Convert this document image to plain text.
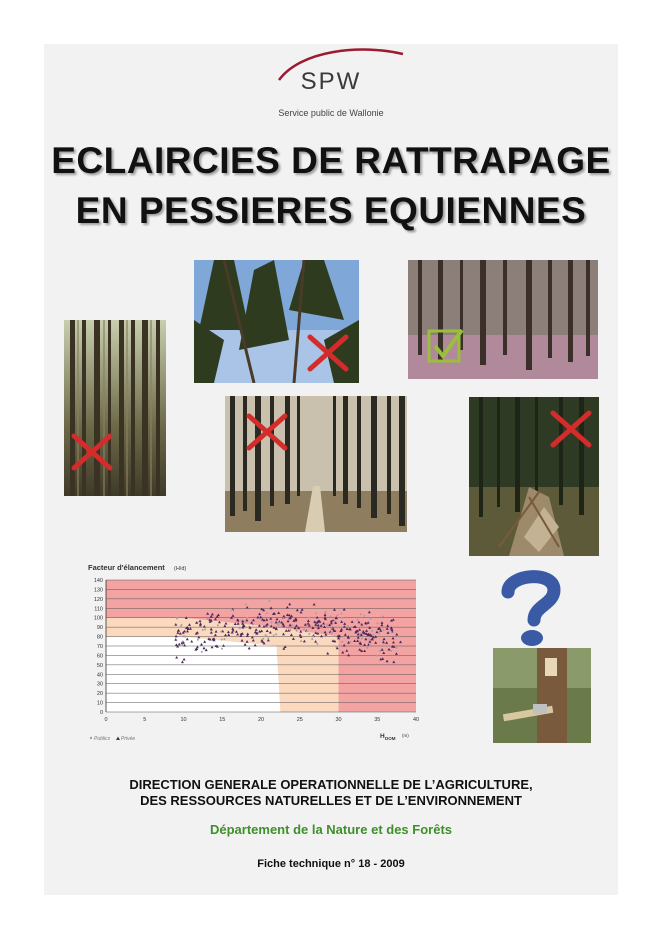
SPW
Service public de Wallonie
ECLAIRCIES DE RATTRAPAGE
EN PESSIERES EQUIENNES
Facteur d'élancement (H/d)
0
10
20
30
40
50
60
70
80
90
100
110
120
130
140
0	5	10	15	20	25	30	35	40
H DOM
(m)
Publics Privée
DIRECTION GENERALE OPERATIONNELLE DE L’AGRICULTURE,
DES RESSOURCES NATURELLES ET DE L’ENVIRONNEMENT
Département de la Nature et des Forêts
Fiche technique n° 18 - 2009
